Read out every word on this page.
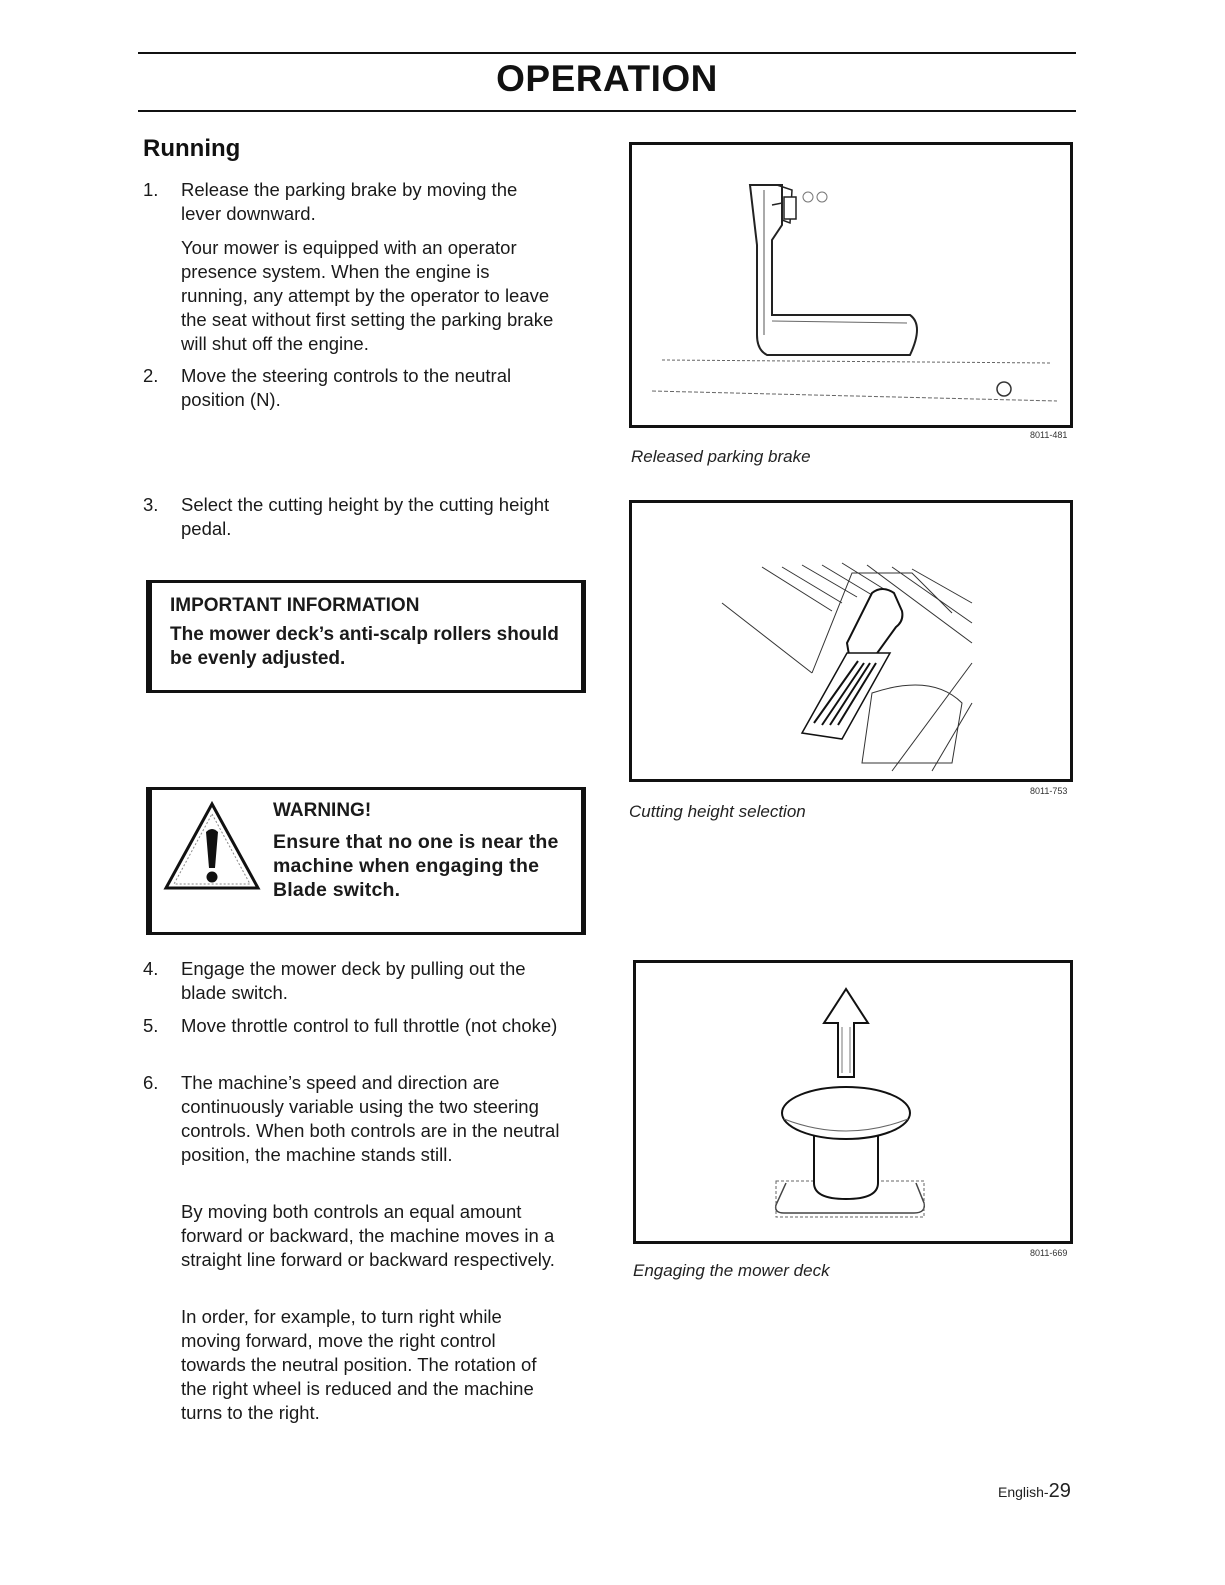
OPERATION
Running
1. Release the parking brake by moving the lever downward.
Your mower is equipped with an operator presence system. When the engine is running, any attempt by the operator to leave the seat without first setting the parking brake will shut off the engine.
2. Move the steering controls to the neutral position (N).
3. Select the cutting height by the cutting height pedal.
IMPORTANT INFORMATION
The mower deck’s anti-scalp rollers should be evenly adjusted.
WARNING!
Ensure that no one is near the machine when engaging the Blade switch.
4. Engage the mower deck by pulling out the blade switch.
5. Move throttle control to full throttle (not choke)
6. The machine’s speed and direction are continuously variable using the two steering controls. When both controls are in the neutral position, the machine stands still.
By moving both controls an equal amount forward or backward, the machine moves in a straight line forward or backward respectively.
In order, for example, to turn right while moving forward, move the right control towards the neutral position. The rotation of the right wheel is reduced and the machine turns to the right.
8011-481
Released parking brake
8011-753
Cutting height selection
8011-669
Engaging the mower deck
English-29
